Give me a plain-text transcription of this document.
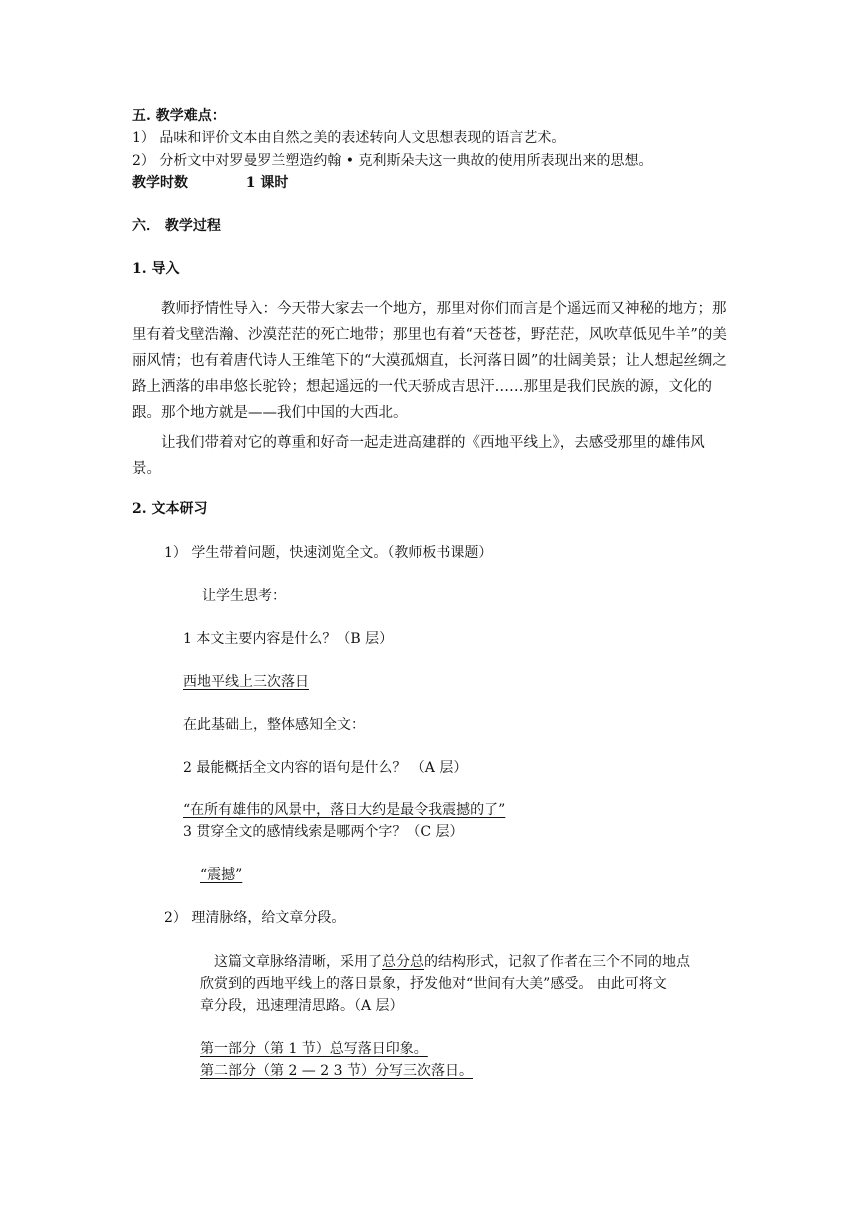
五. 教学难点：
1） 品味和评价文本由自然之美的表述转向人文思想表现的语言艺术。
2） 分析文中对罗曼罗兰塑造约翰 • 克利斯朵夫这一典故的使用所表现出来的思想。
教学时数	1 课时
六． 教学过程
1. 导入

教师抒情性导入：今天带大家去一个地方，那里对你们而言是个遥远而又神秘的地方；那里有着戈壁浩瀚、沙漠茫茫的死亡地带；那里也有着“天苍苍，野茫茫，风吹草低见牛羊”的美丽风情；也有着唐代诗人王维笔下的“大漠孤烟直，长河落日圆”的壮阔美景；让人想起丝绸之路上洒落的串串悠长驼铃；想起遥远的一代天骄成吉思汗……那里是我们民族的源，文化的跟。那个地方就是——我们中国的大西北。

让我们带着对它的尊重和好奇一起走进高建群的《西地平线上》，去感受那里的雄伟风景。

2. 文本研习
1） 学生带着问题，快速浏览全文。（教师板书课题）
让学生思考：
1 本文主要内容是什么？（B 层）
西地平线上三次落日
在此基础上，整体感知全文：
2 最能概括全文内容的语句是什么？ （A 层）
“在所有雄伟的风景中，落日大约是最令我震撼的了”
3 贯穿全文的感情线索是哪两个字？（C 层）
“震撼”
2） 理清脉络，给文章分段。
这篇文章脉络清晰，采用了总分总的结构形式，记叙了作者在三个不同的地点
欣赏到的西地平线上的落日景象，抒发他对“世间有大美”感受。 由此可将文
章分段，迅速理清思路。（A 层）
第一部分（第 1 节）总写落日印象。
第二部分（第 2 — 2 3 节）分写三次落日。
